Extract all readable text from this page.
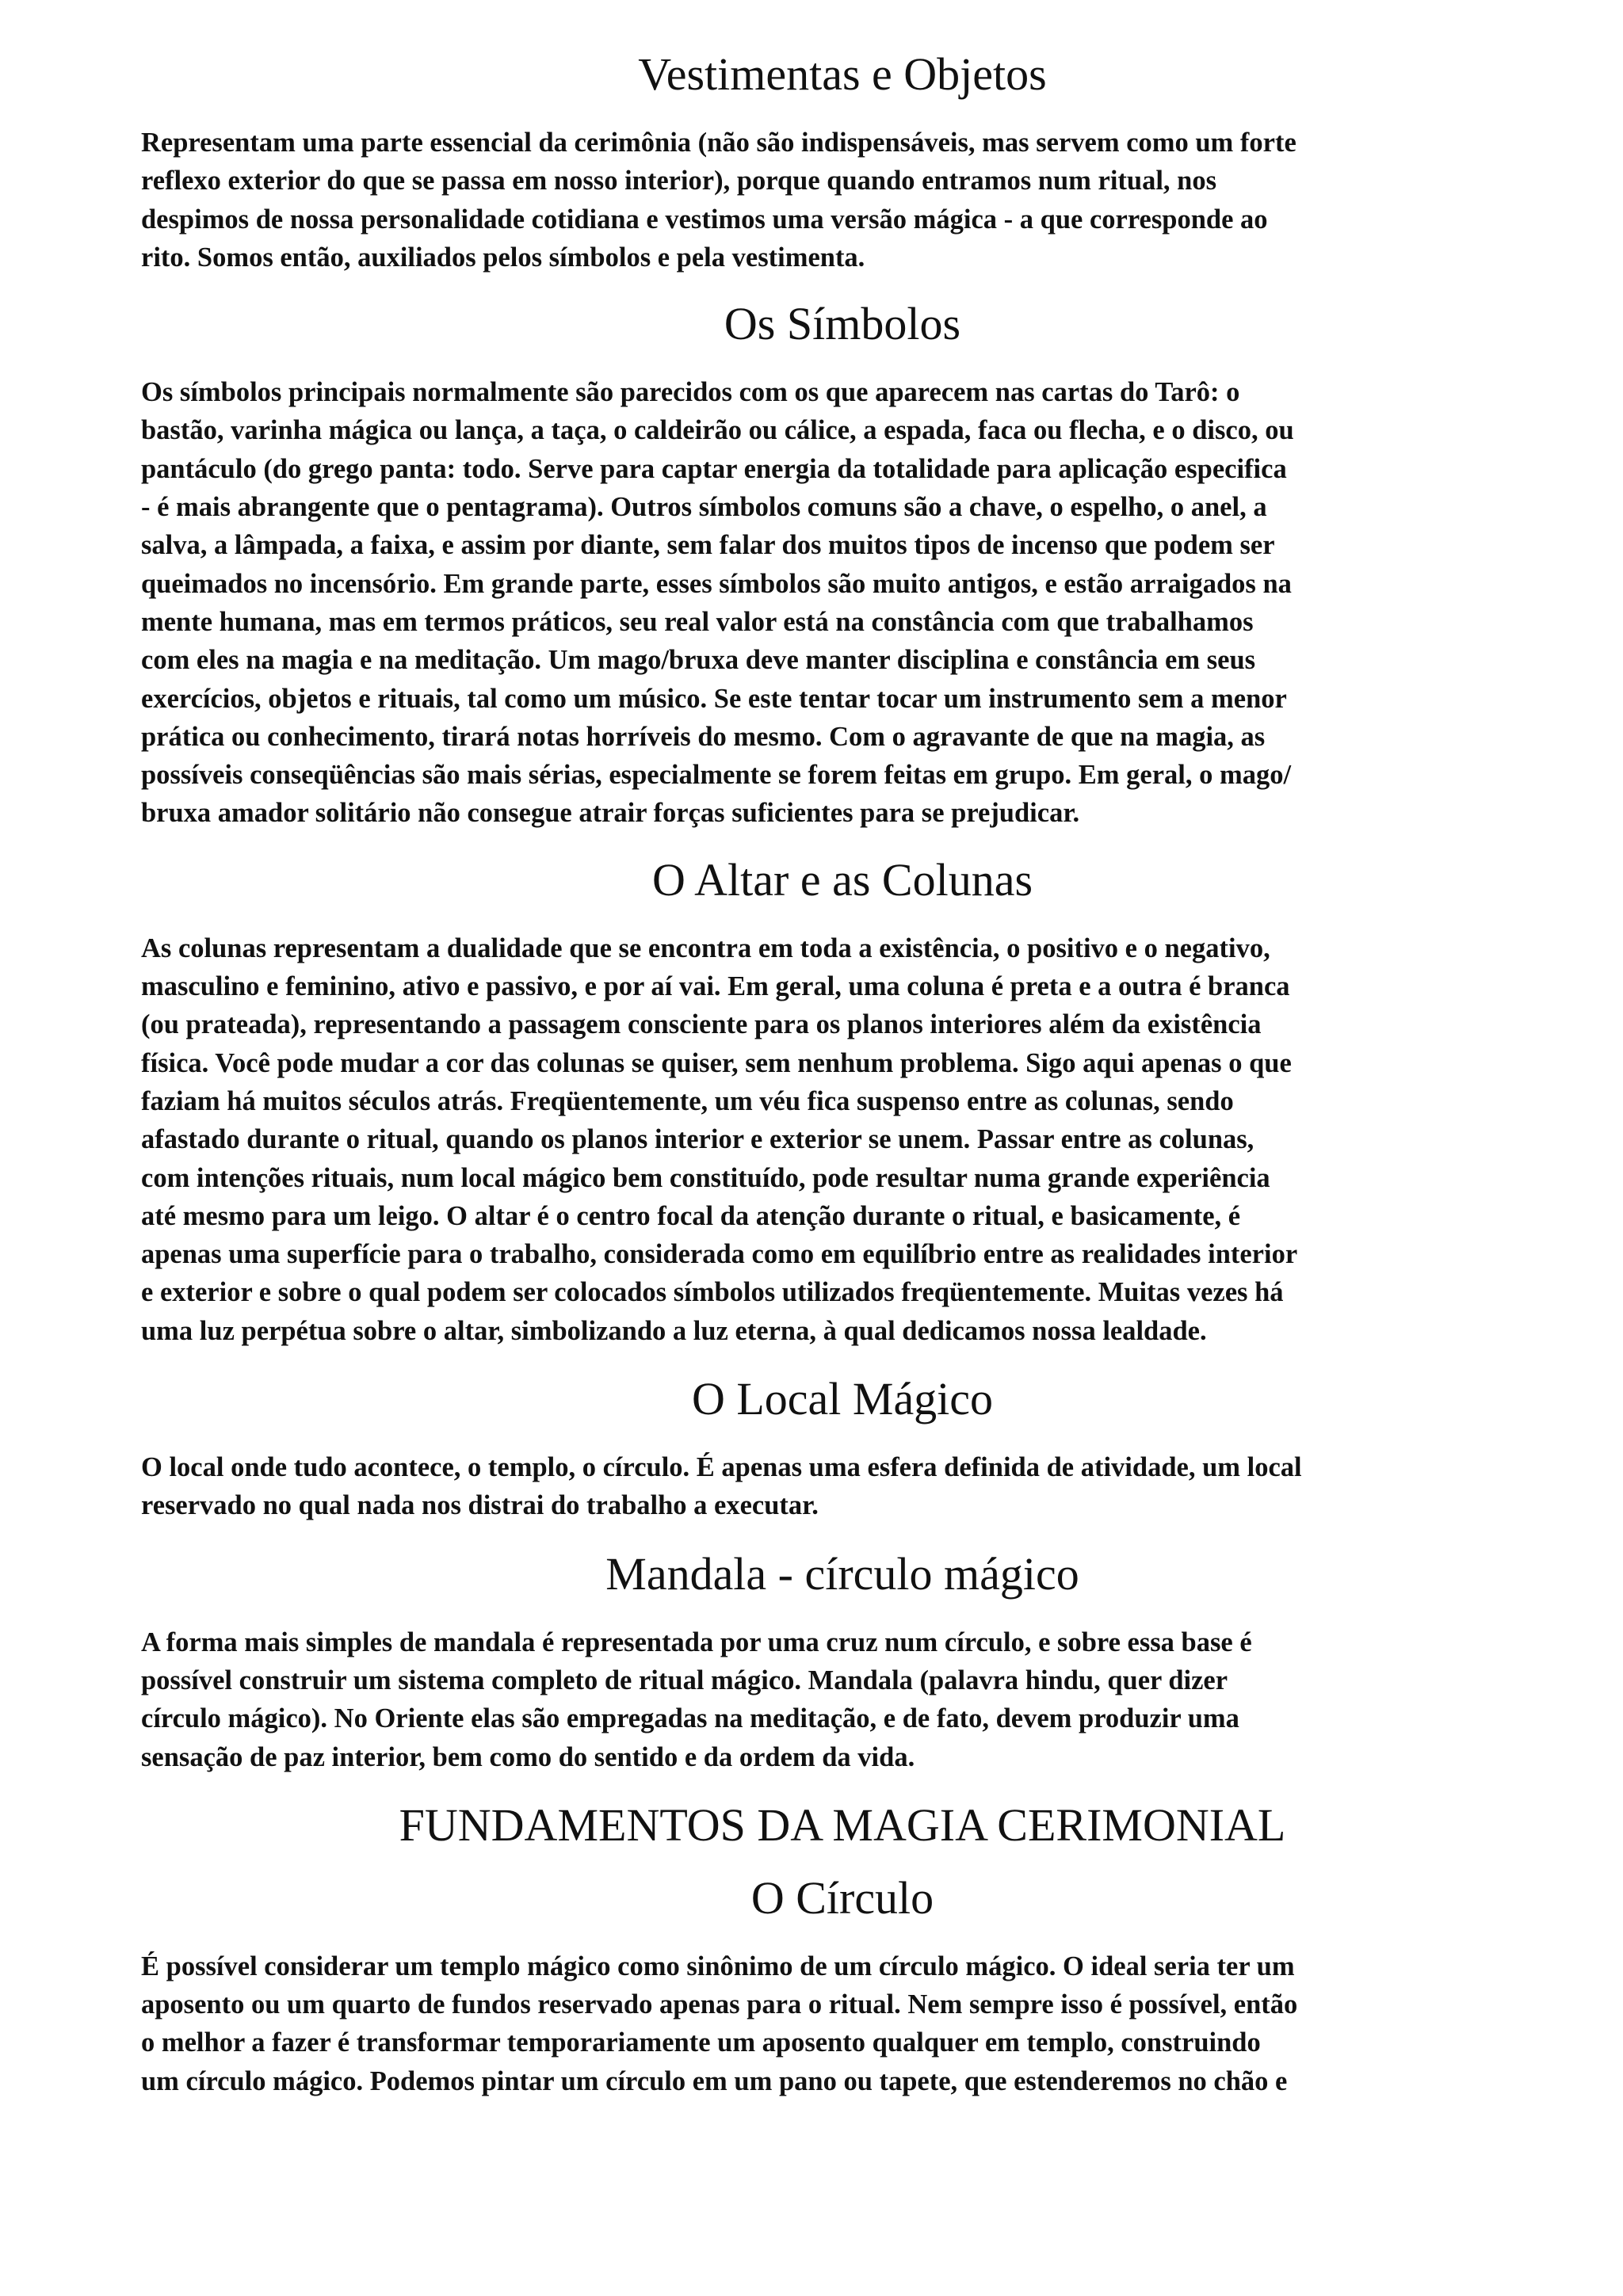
Vestimentas e Objetos

Representam uma parte essencial da cerimônia (não são indispensáveis, mas servem como um forte
reflexo exterior do que se passa em nosso interior), porque quando entramos num ritual, nos
despimos de nossa personalidade cotidiana e vestimos uma versão mágica - a que corresponde ao
rito. Somos então, auxiliados pelos símbolos e pela vestimenta.

Os Símbolos

Os símbolos principais normalmente são parecidos com os que aparecem nas cartas do Tarô: o
bastão, varinha mágica ou lança, a taça, o caldeirão ou cálice, a espada, faca ou flecha, e o disco, ou
pantáculo (do grego panta: todo. Serve para captar energia da totalidade para aplicação especifica
- é mais abrangente que o pentagrama). Outros símbolos comuns são a chave, o espelho, o anel, a
salva, a lâmpada, a faixa, e assim por diante, sem falar dos muitos tipos de incenso que podem ser
queimados no incensório. Em grande parte, esses símbolos são muito antigos, e estão arraigados na
mente humana, mas em termos práticos, seu real valor está na constância com que trabalhamos
com eles na magia e na meditação. Um mago/bruxa deve manter disciplina e constância em seus
exercícios, objetos e rituais, tal como um músico. Se este tentar tocar um instrumento sem a menor
prática ou conhecimento, tirará notas horríveis do mesmo. Com o agravante de que na magia, as
possíveis conseqüências são mais sérias, especialmente se forem feitas em grupo. Em geral, o mago/
bruxa amador solitário não consegue atrair forças suficientes para se prejudicar.

O Altar e as Colunas

As colunas representam a dualidade que se encontra em toda a existência, o positivo e o negativo,
masculino e feminino, ativo e passivo, e por aí vai. Em geral, uma coluna é preta e a outra é branca
(ou prateada), representando a passagem consciente para os planos interiores além da existência
física. Você pode mudar a cor das colunas se quiser, sem nenhum problema. Sigo aqui apenas o que
faziam há muitos séculos atrás. Freqüentemente, um véu fica suspenso entre as colunas, sendo
afastado durante o ritual, quando os planos interior e exterior se unem. Passar entre as colunas,
com intenções rituais, num local mágico bem constituído, pode resultar numa grande experiência
até mesmo para um leigo. O altar é o centro focal da atenção durante o ritual, e basicamente, é
apenas uma superfície para o trabalho, considerada como em equilíbrio entre as realidades interior
e exterior e sobre o qual podem ser colocados símbolos utilizados freqüentemente. Muitas vezes há
uma luz perpétua sobre o altar, simbolizando a luz eterna, à qual dedicamos nossa lealdade.

O Local Mágico

O local onde tudo acontece, o templo, o círculo. É apenas uma esfera definida de atividade, um local
reservado no qual nada nos distrai do trabalho a executar.

Mandala - círculo mágico

A forma mais simples de mandala é representada por uma cruz num círculo, e sobre essa base é
possível construir um sistema completo de ritual mágico. Mandala (palavra hindu, quer dizer
círculo mágico). No Oriente elas são empregadas na meditação, e de fato, devem produzir uma
sensação de paz interior, bem como do sentido e da ordem da vida.

FUNDAMENTOS DA MAGIA CERIMONIAL
O Círculo

É possível considerar um templo mágico como sinônimo de um círculo mágico. O ideal seria ter um
aposento ou um quarto de fundos reservado apenas para o ritual. Nem sempre isso é possível, então
o melhor a fazer é transformar temporariamente um aposento qualquer em templo, construindo
um círculo mágico. Podemos pintar um círculo em um pano ou tapete, que estenderemos no chão e
